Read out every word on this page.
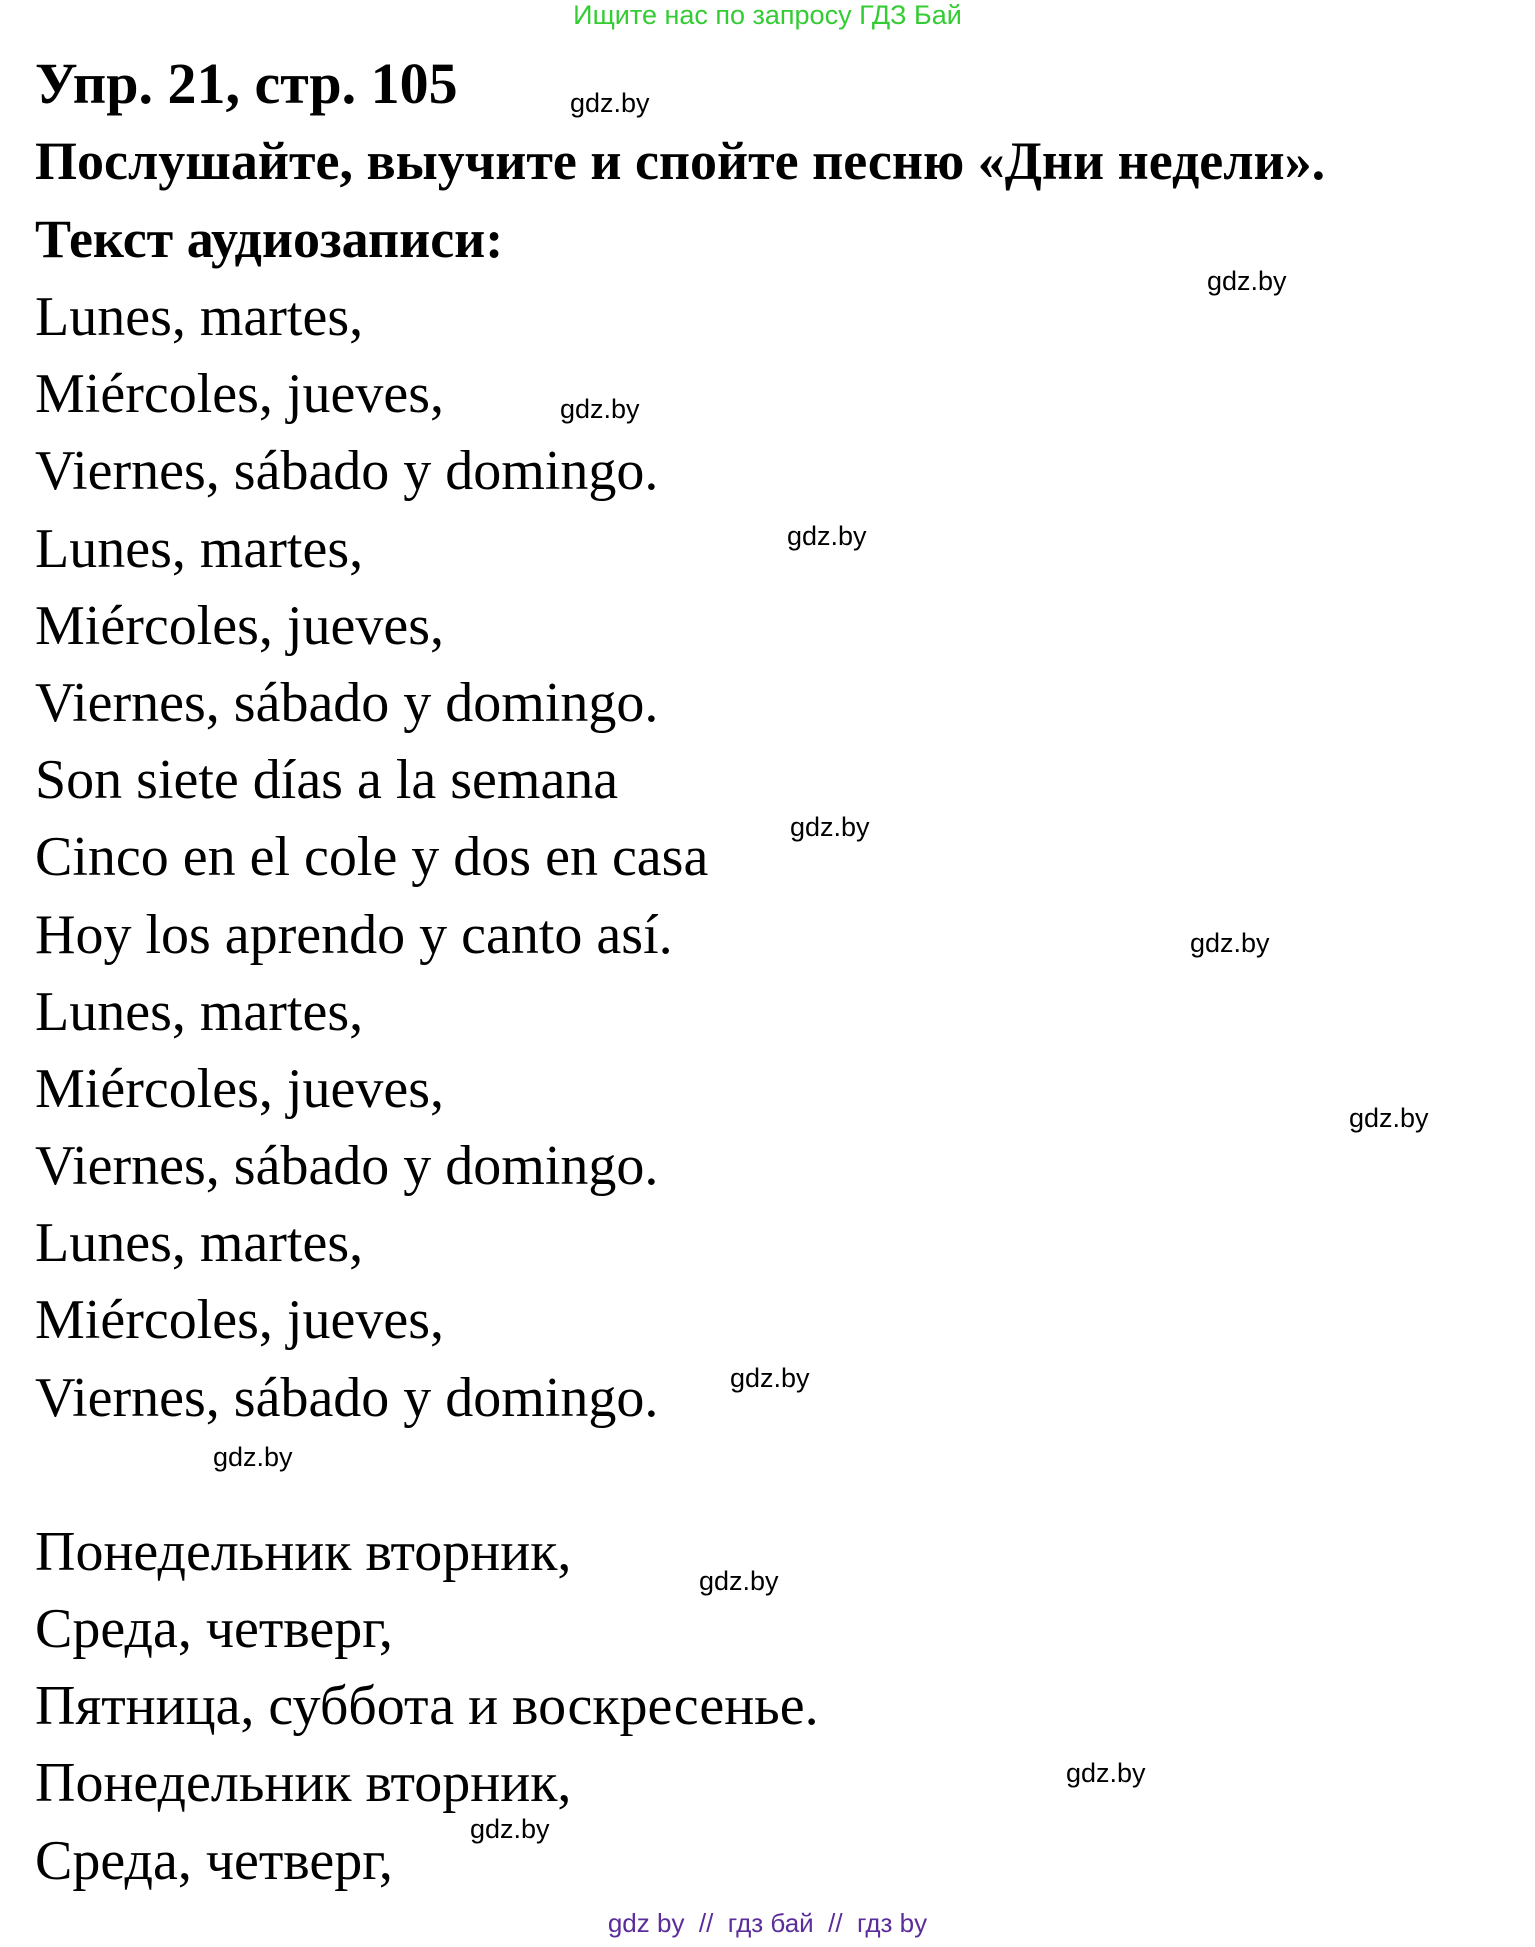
Ищите нас по запросу ГДЗ Бай
Упр. 21, стр. 105
Послушайте, выучите и спойте песню «Дни недели».
Текст аудиозаписи:
Lunes, martes,
Miércoles, jueves,
Viernes, sábado y domingo.
Lunes, martes,
Miércoles, jueves,
Viernes, sábado y domingo.
Son siete días a la semana
Cinco en el cole y dos en casa
Hoy los aprendo y canto así.
Lunes, martes,
Miércoles, jueves,
Viernes, sábado y domingo.
Lunes, martes,
Miércoles, jueves,
Viernes, sábado y domingo.
Понедельник вторник,
Среда, четверг,
Пятница, суббота и воскресенье.
Понедельник вторник,
Среда, четверг,
gdz.by
gdz.by
gdz.by
gdz.by
gdz.by
gdz.by
gdz.by
gdz.by
gdz.by
gdz.by
gdz.by
gdz.by
gdz by  //  гдз бай  //  гдз by
